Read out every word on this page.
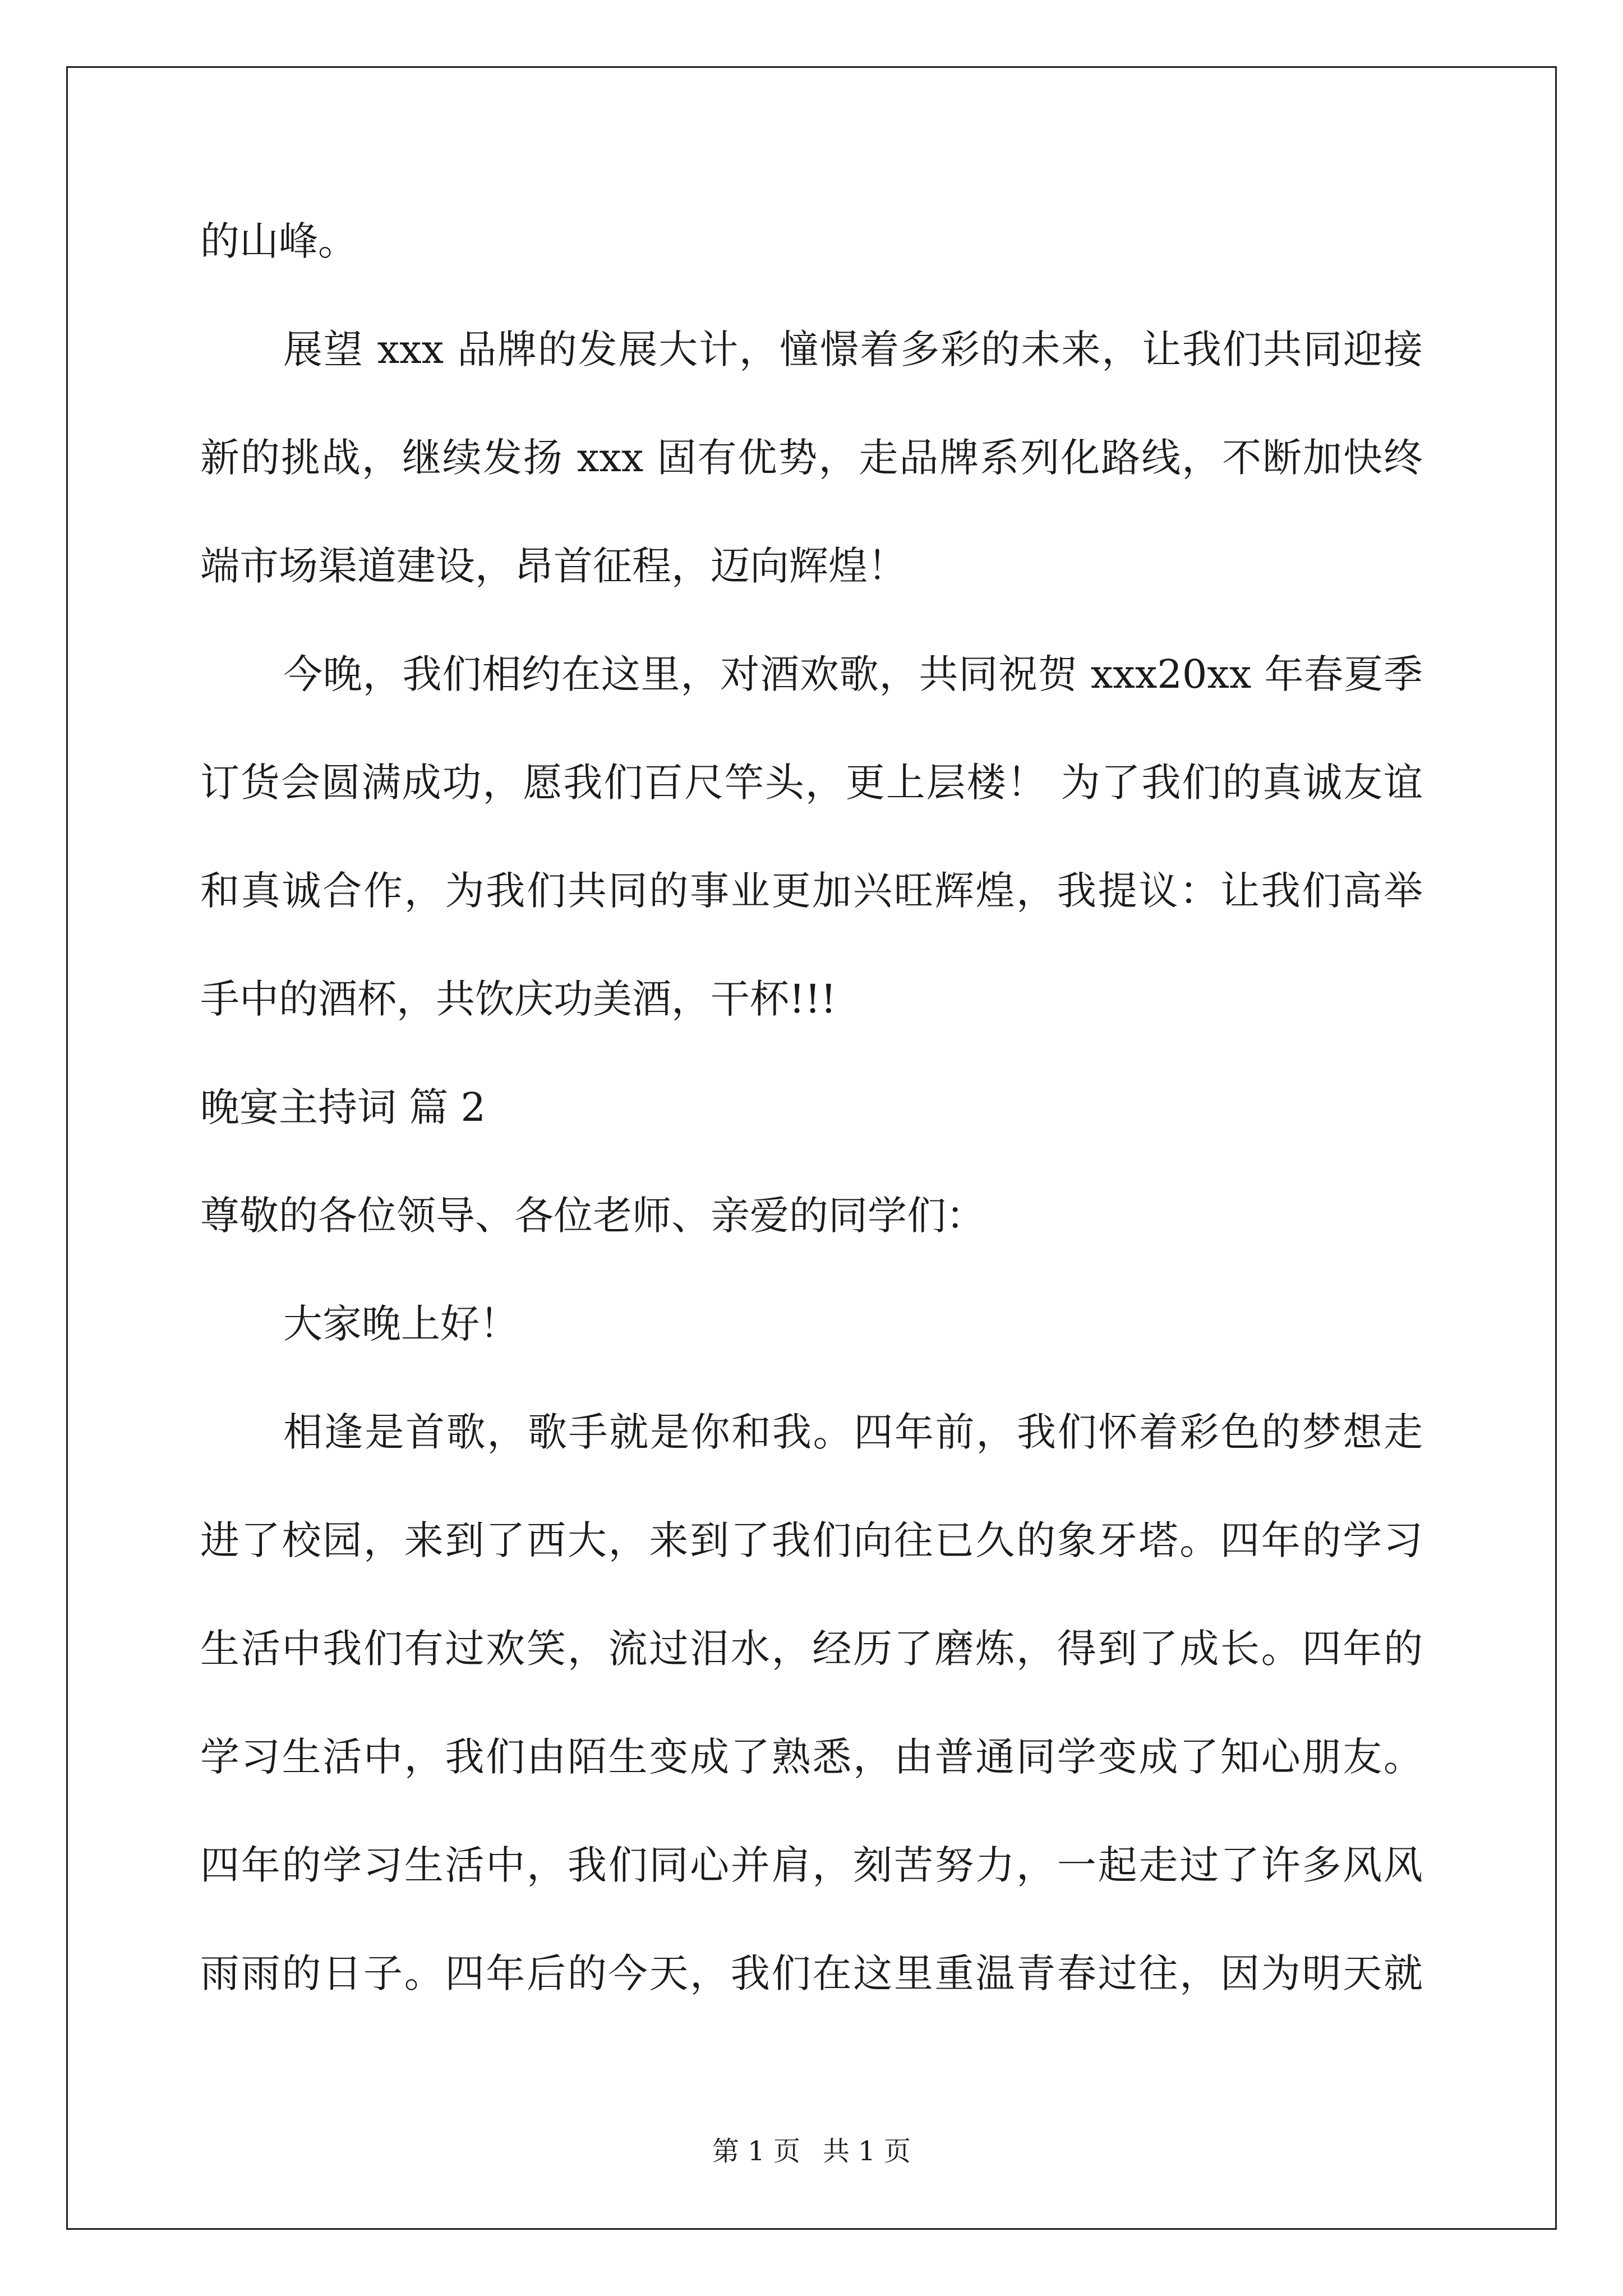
的山峰。
展望 xxx 品牌的发展大计，憧憬着多彩的未来，让我们共同迎接
新的挑战，继续发扬 xxx 固有优势，走品牌系列化路线，不断加快终
端市场渠道建设，昂首征程，迈向辉煌！
今晚，我们相约在这里，对酒欢歌，共同祝贺 xxx20xx 年春夏季
订货会圆满成功，愿我们百尺竿头，更上层楼！ 为了我们的真诚友谊
和真诚合作，为我们共同的事业更加兴旺辉煌，我提议：让我们高举
手中的酒杯，共饮庆功美酒，干杯!!!
晚宴主持词 篇 2
尊敬的各位领导、各位老师、亲爱的同学们：
大家晚上好！
相逢是首歌，歌手就是你和我。四年前，我们怀着彩色的梦想走
进了校园，来到了西大，来到了我们向往已久的象牙塔。四年的学习
生活中我们有过欢笑，流过泪水，经历了磨炼，得到了成长。四年的
学习生活中，我们由陌生变成了熟悉，由普通同学变成了知心朋友。
四年的学习生活中，我们同心并肩，刻苦努力，一起走过了许多风风
雨雨的日子。四年后的今天，我们在这里重温青春过往，因为明天就
第 1 页 共 1 页
